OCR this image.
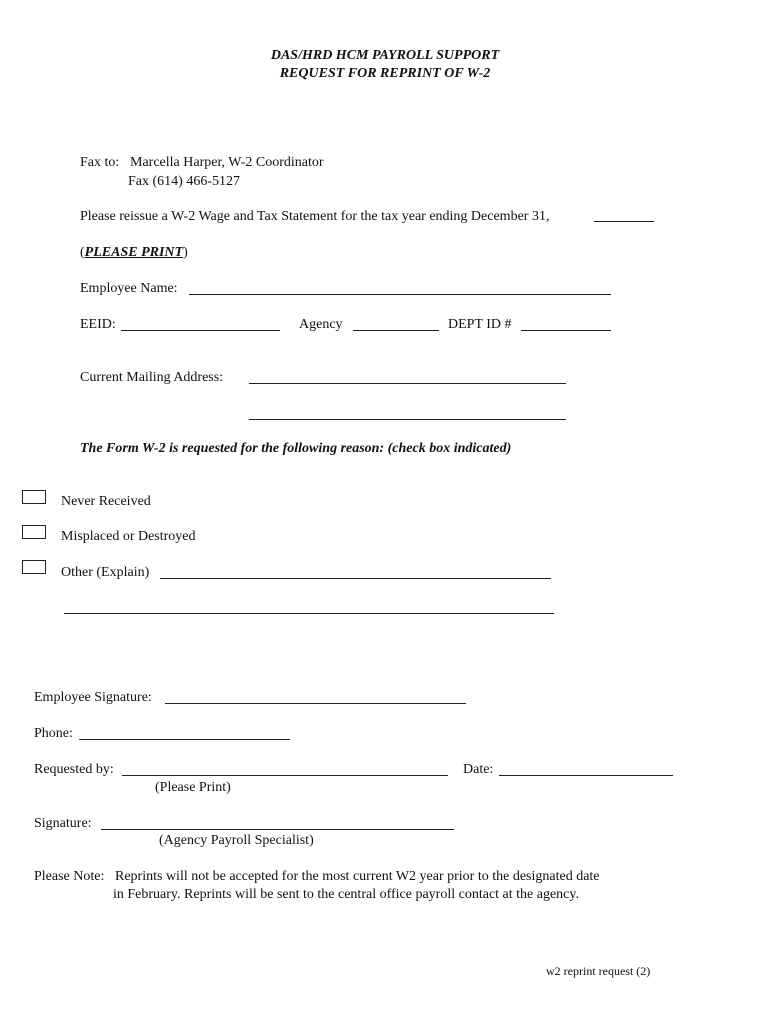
DAS/HRD HCM PAYROLL SUPPORT
REQUEST FOR REPRINT OF W-2
Fax to: Marcella Harper, W-2 Coordinator
Fax (614) 466-5127
Please reissue a W-2 Wage and Tax Statement for the tax year ending December 31,
(PLEASE PRINT)
Employee Name:
EEID:	Agency	DEPT ID #
Current Mailing Address:
The Form W-2 is requested for the following reason: (check box indicated)
Never Received
Misplaced or Destroyed
Other (Explain)
Employee Signature:
Phone:
Requested by:	Date:
(Please Print)
Signature:
(Agency Payroll Specialist)
Please Note: Reprints will not be accepted for the most current W2 year prior to the designated date
in February. Reprints will be sent to the central office payroll contact at the agency.
w2 reprint request (2)
